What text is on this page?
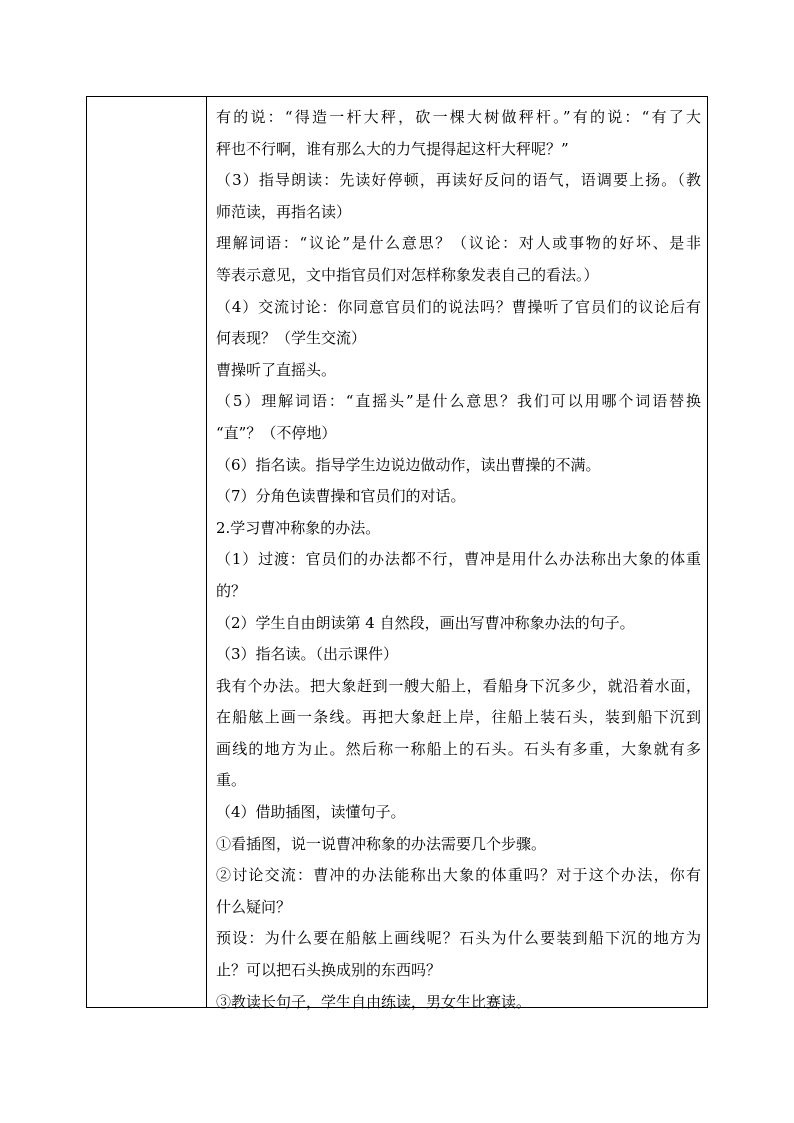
有的说：“得造一杆大秤，砍一棵大树做秤杆。”有的说：“有了大
秤也不行啊，谁有那么大的力气提得起这杆大秤呢？”
（3）指导朗读：先读好停顿，再读好反问的语气，语调要上扬。（教
师范读，再指名读）
理解词语：“议论”是什么意思？（议论：对人或事物的好坏、是非
等表示意见，文中指官员们对怎样称象发表自己的看法。）
（4）交流讨论：你同意官员们的说法吗？曹操听了官员们的议论后有
何表现？（学生交流）
曹操听了直摇头。
（5）理解词语：“直摇头”是什么意思？我们可以用哪个词语替换
“直”？（不停地）
（6）指名读。指导学生边说边做动作，读出曹操的不满。
（7）分角色读曹操和官员们的对话。
2.学习曹冲称象的办法。
（1）过渡：官员们的办法都不行，曹冲是用什么办法称出大象的体重
的？
（2）学生自由朗读第 4 自然段，画出写曹冲称象办法的句子。
（3）指名读。（出示课件）
我有个办法。把大象赶到一艘大船上，看船身下沉多少，就沿着水面，
在船舷上画一条线。再把大象赶上岸，往船上装石头，装到船下沉到
画线的地方为止。然后称一称船上的石头。石头有多重，大象就有多
重。
（4）借助插图，读懂句子。
①看插图，说一说曹冲称象的办法需要几个步骤。
②讨论交流：曹冲的办法能称出大象的体重吗？对于这个办法，你有
什么疑问？
预设：为什么要在船舷上画线呢？石头为什么要装到船下沉的地方为
止？可以把石头换成别的东西吗？
③教读长句子，学生自由练读，男女生比赛读。
